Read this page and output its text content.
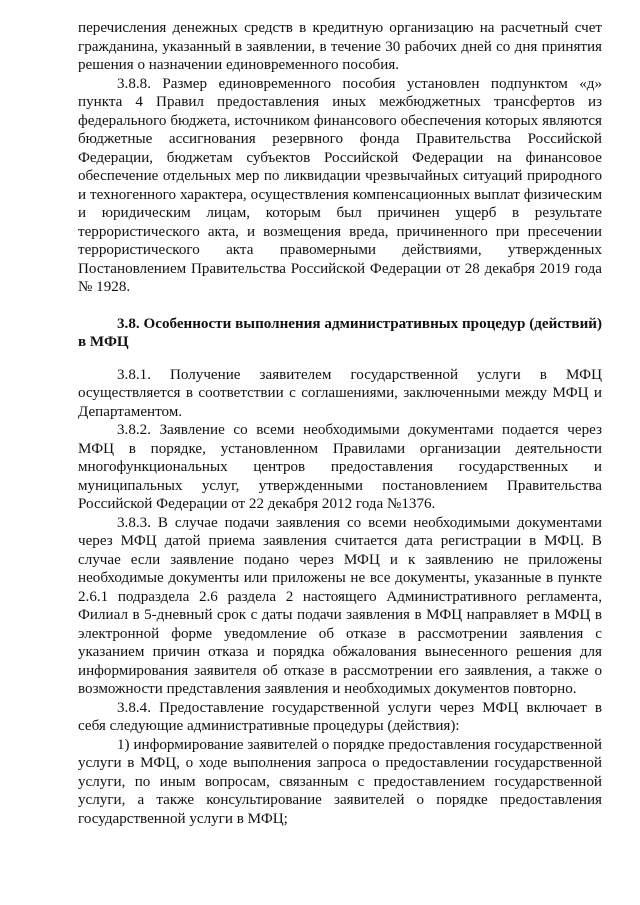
перечисления денежных средств в кредитную организацию на расчетный счет гражданина, указанный в заявлении, в течение 30 рабочих дней со дня принятия решения о назначении единовременного пособия.

3.8.8. Размер единовременного пособия установлен подпунктом «д» пункта 4 Правил предоставления иных межбюджетных трансфертов из федерального бюджета, источником финансового обеспечения которых являются бюджетные ассигнования резервного фонда Правительства Российской Федерации, бюджетам субъектов Российской Федерации на финансовое обеспечение отдельных мер по ликвидации чрезвычайных ситуаций природного и техногенного характера, осуществления компенсационных выплат физическим и юридическим лицам, которым был причинен ущерб в результате террористического акта, и возмещения вреда, причиненного при пресечении террористического акта правомерными действиями, утвержденных Постановлением Правительства Российской Федерации от 28 декабря 2019 года № 1928.

3.8. Особенности выполнения административных процедур (действий) в МФЦ

3.8.1. Получение заявителем государственной услуги в МФЦ осуществляется в соответствии с соглашениями, заключенными между МФЦ и Департаментом.

3.8.2. Заявление со всеми необходимыми документами подается через МФЦ в порядке, установленном Правилами организации деятельности многофункциональных центров предоставления государственных и муниципальных услуг, утвержденными постановлением Правительства Российской Федерации от 22 декабря 2012 года №1376.

3.8.3. В случае подачи заявления со всеми необходимыми документами через МФЦ датой приема заявления считается дата регистрации в МФЦ. В случае если заявление подано через МФЦ и к заявлению не приложены необходимые документы или приложены не все документы, указанные в пункте 2.6.1 подраздела 2.6 раздела 2 настоящего Административного регламента, Филиал в 5-дневный срок с даты подачи заявления в МФЦ направляет в МФЦ в электронной форме уведомление об отказе в рассмотрении заявления с указанием причин отказа и порядка обжалования вынесенного решения для информирования заявителя об отказе в рассмотрении его заявления, а также о возможности представления заявления и необходимых документов повторно.

3.8.4. Предоставление государственной услуги через МФЦ включает в себя следующие административные процедуры (действия):

1) информирование заявителей о порядке предоставления государственной услуги в МФЦ, о ходе выполнения запроса о предоставлении государственной услуги, по иным вопросам, связанным с предоставлением государственной услуги, а также консультирование заявителей о порядке предоставления государственной услуги в МФЦ;
